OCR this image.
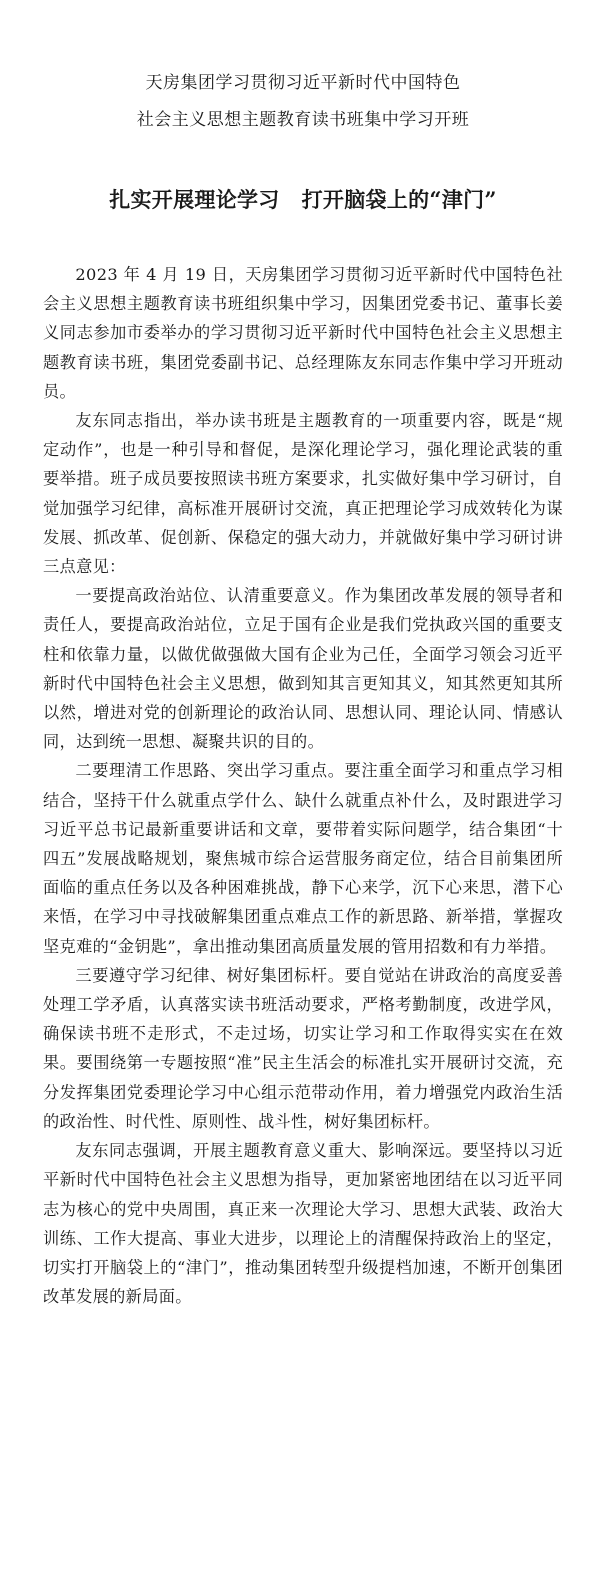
天房集团学习贯彻习近平新时代中国特色

社会主义思想主题教育读书班集中学习开班

扎实开展理论学习 打开脑袋上的“津门”

2023 年 4 月 19 日，天房集团学习贯彻习近平新时代中国特色社会主义思想主题教育读书班组织集中学习，因集团党委书记、董事长姜义同志参加市委举办的学习贯彻习近平新时代中国特色社会主义思想主题教育读书班，集团党委副书记、总经理陈友东同志作集中学习开班动员。

友东同志指出，举办读书班是主题教育的一项重要内容，既是“规定动作”，也是一种引导和督促，是深化理论学习，强化理论武装的重要举措。班子成员要按照读书班方案要求，扎实做好集中学习研讨，自觉加强学习纪律，高标准开展研讨交流，真正把理论学习成效转化为谋发展、抓改革、促创新、保稳定的强大动力，并就做好集中学习研讨讲三点意见：

一要提高政治站位、认清重要意义。作为集团改革发展的领导者和责任人，要提高政治站位，立足于国有企业是我们党执政兴国的重要支柱和依靠力量，以做优做强做大国有企业为己任，全面学习领会习近平新时代中国特色社会主义思想，做到知其言更知其义，知其然更知其所以然，增进对党的创新理论的政治认同、思想认同、理论认同、情感认同，达到统一思想、凝聚共识的目的。

二要理清工作思路、突出学习重点。要注重全面学习和重点学习相结合，坚持干什么就重点学什么、缺什么就重点补什么，及时跟进学习习近平总书记最新重要讲话和文章，要带着实际问题学，结合集团“十四五”发展战略规划，聚焦城市综合运营服务商定位，结合目前集团所面临的重点任务以及各种困难挑战，静下心来学，沉下心来思，潜下心来悟，在学习中寻找破解集团重点难点工作的新思路、新举措，掌握攻坚克难的“金钥匙”，拿出推动集团高质量发展的管用招数和有力举措。

三要遵守学习纪律、树好集团标杆。要自觉站在讲政治的高度妥善处理工学矛盾，认真落实读书班活动要求，严格考勤制度，改进学风，确保读书班不走形式，不走过场，切实让学习和工作取得实实在在效果。要围绕第一专题按照“准”民主生活会的标准扎实开展研讨交流，充分发挥集团党委理论学习中心组示范带动作用，着力增强党内政治生活的政治性、时代性、原则性、战斗性，树好集团标杆。

友东同志强调，开展主题教育意义重大、影响深远。要坚持以习近平新时代中国特色社会主义思想为指导，更加紧密地团结在以习近平同志为核心的党中央周围，真正来一次理论大学习、思想大武装、政治大训练、工作大提高、事业大进步，以理论上的清醒保持政治上的坚定，切实打开脑袋上的“津门”，推动集团转型升级提档加速，不断开创集团改革发展的新局面。
